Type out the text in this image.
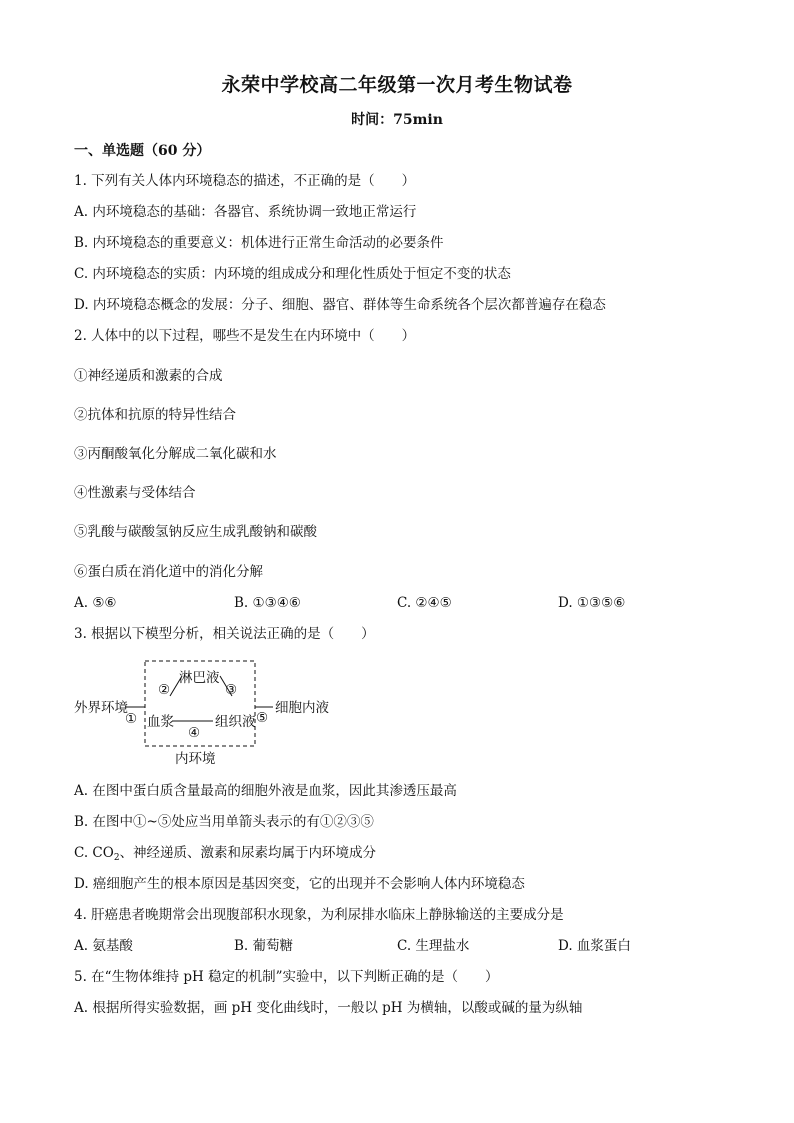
永荣中学校高二年级第一次月考生物试卷
时间：75min
一、单选题（60 分）
1. 下列有关人体内环境稳态的描述，不正确的是（　　）
A. 内环境稳态的基础：各器官、系统协调一致地正常运行
B. 内环境稳态的重要意义：机体进行正常生命活动的必要条件
C. 内环境稳态的实质：内环境的组成成分和理化性质处于恒定不变的状态
D. 内环境稳态概念的发展：分子、细胞、器官、群体等生命系统各个层次都普遍存在稳态
2. 人体中的以下过程，哪些不是发生在内环境中（　　）
①神经递质和激素的合成
②抗体和抗原的特异性结合
③丙酮酸氧化分解成二氧化碳和水
④性激素与受体结合
⑤乳酸与碳酸氢钠反应生成乳酸钠和碳酸
⑥蛋白质在消化道中的消化分解
A. ⑤⑥	B. ①③④⑥	C. ②④⑤	D. ①③⑤⑥
3. 根据以下模型分析，相关说法正确的是（　　）
外界环境
淋巴液
血浆	组织液
细胞内液
内环境
①
②	③
④
⑤
A. 在图中蛋白质含量最高的细胞外液是血浆，因此其渗透压最高
B. 在图中①~⑤处应当用单箭头表示的有①②③⑤
C. $CO_2$、神经递质、激素和尿素均属于内环境成分
D. 癌细胞产生的根本原因是基因突变，它的出现并不会影响人体内环境稳态
4. 肝癌患者晚期常会出现腹部积水现象，为利尿排水临床上静脉输送的主要成分是
A. 氨基酸	B. 葡萄糖	C. 生理盐水	D. 血浆蛋白
5. 在“生物体维持 pH 稳定的机制”实验中，以下判断正确的是（　　）
A. 根据所得实验数据，画 pH 变化曲线时，一般以 pH 为横轴，以酸或碱的量为纵轴
